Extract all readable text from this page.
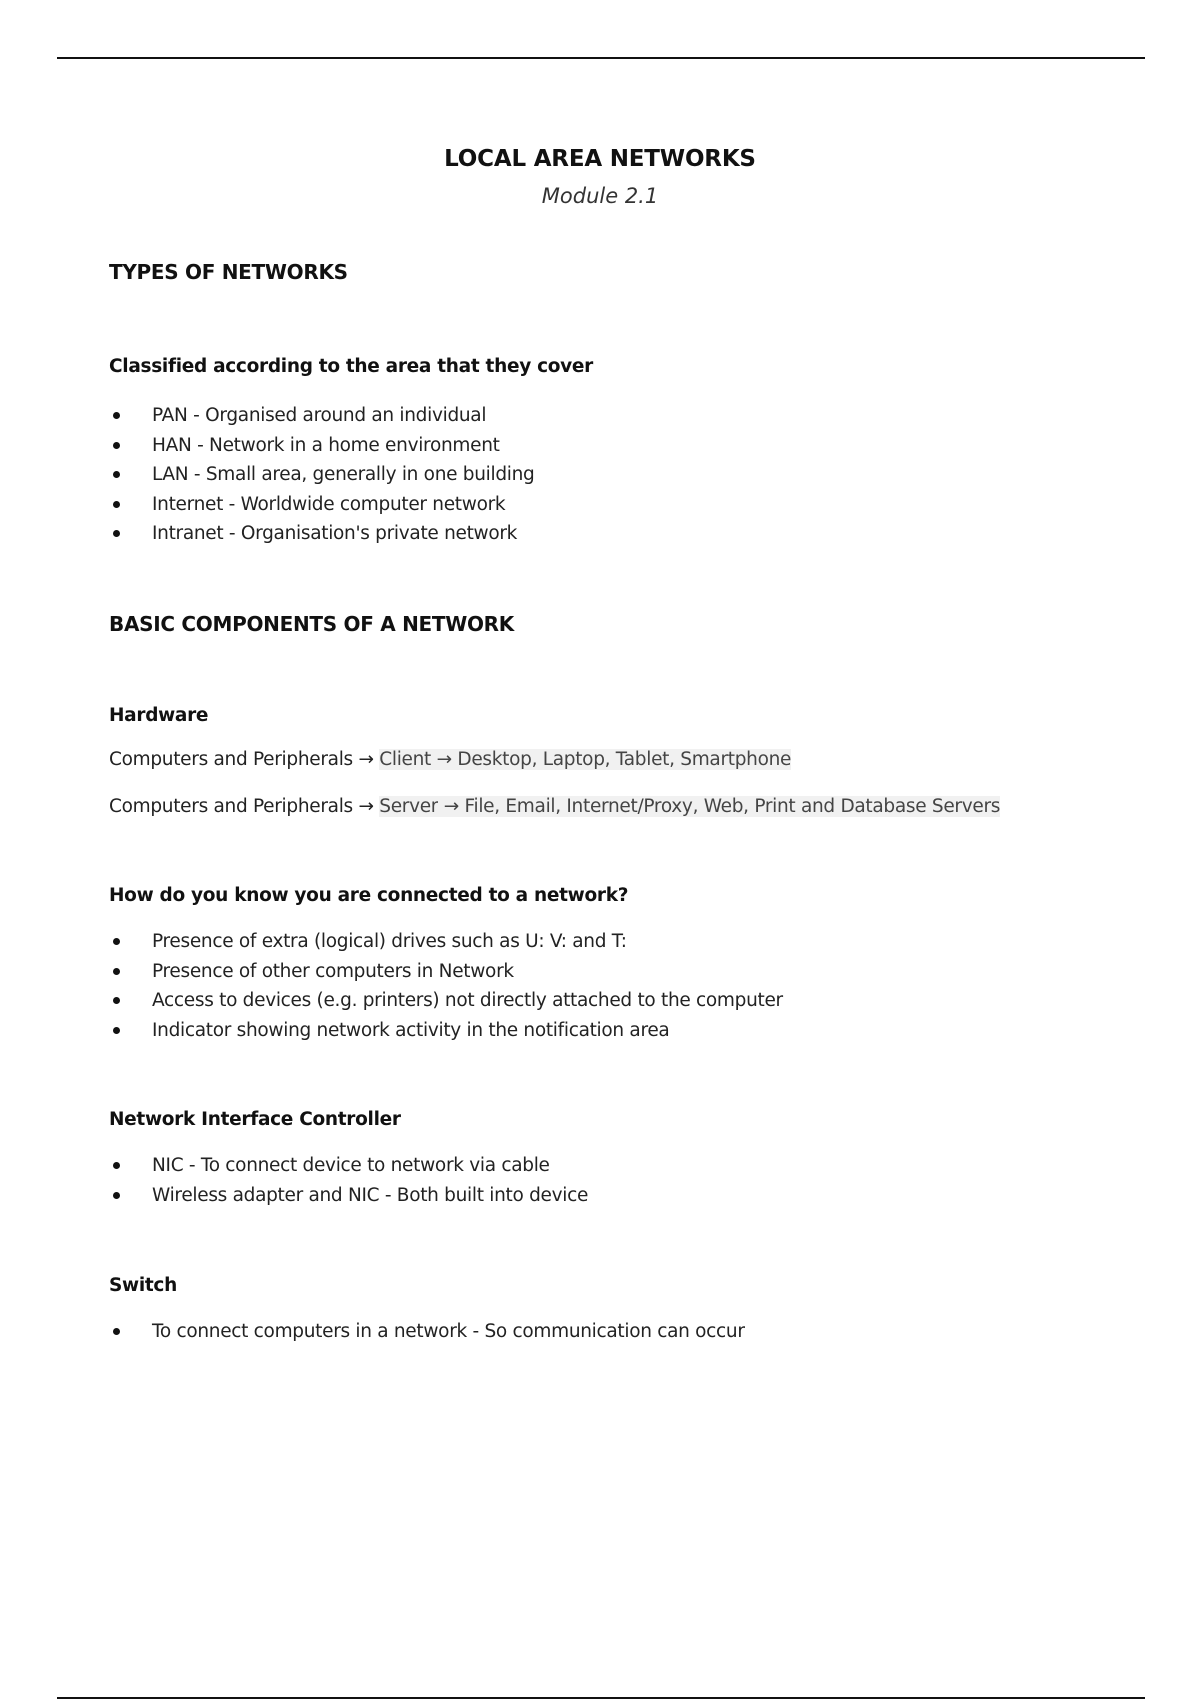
LOCAL AREA NETWORKS
Module 2.1
TYPES OF NETWORKS
Classified according to the area that they cover
PAN - Organised around an individual
HAN - Network in a home environment
LAN - Small area, generally in one building
Internet - Worldwide computer network
Intranet - Organisation's private network
BASIC COMPONENTS OF A NETWORK
Hardware
Computers and Peripherals → Client → Desktop, Laptop, Tablet, Smartphone
Computers and Peripherals → Server → File, Email, Internet/Proxy, Web, Print and Database Servers
How do you know you are connected to a network?
Presence of extra (logical) drives such as U: V: and T:
Presence of other computers in Network
Access to devices (e.g. printers) not directly attached to the computer
Indicator showing network activity in the notification area
Network Interface Controller
NIC - To connect device to network via cable
Wireless adapter and NIC - Both built into device
Switch
To connect computers in a network - So communication can occur
